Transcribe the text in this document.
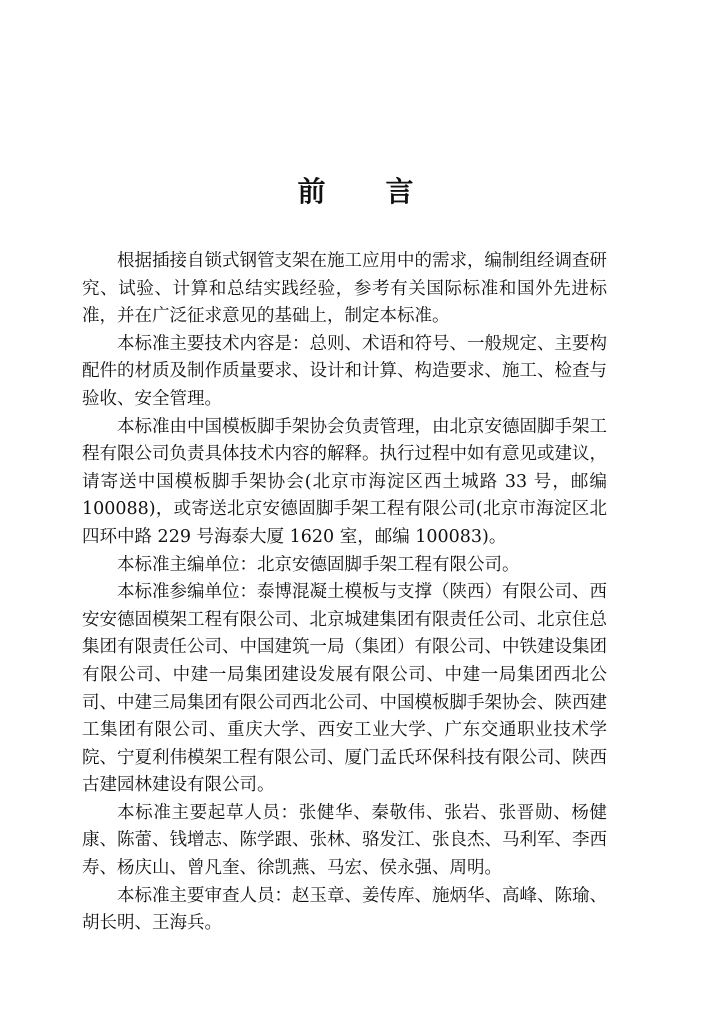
前 言

根据插接自锁式钢管支架在施工应用中的需求，编制组经调查研究、试验、计算和总结实践经验，参考有关国际标准和国外先进标准，并在广泛征求意见的基础上，制定本标准。

本标准主要技术内容是：总则、术语和符号、一般规定、主要构配件的材质及制作质量要求、设计和计算、构造要求、施工、检查与验收、安全管理。

本标准由中国模板脚手架协会负责管理，由北京安德固脚手架工程有限公司负责具体技术内容的解释。执行过程中如有意见或建议，请寄送中国模板脚手架协会(北京市海淀区西土城路 33 号，邮编 100088)，或寄送北京安德固脚手架工程有限公司(北京市海淀区北四环中路 229 号海泰大厦 1620 室，邮编 100083)。

本标准主编单位：北京安德固脚手架工程有限公司。

本标准参编单位：泰博混凝土模板与支撑（陕西）有限公司、西安安德固模架工程有限公司、北京城建集团有限责任公司、北京住总集团有限责任公司、中国建筑一局（集团）有限公司、中铁建设集团有限公司、中建一局集团建设发展有限公司、中建一局集团西北公司、中建三局集团有限公司西北公司、中国模板脚手架协会、陕西建工集团有限公司、重庆大学、西安工业大学、广东交通职业技术学院、宁夏利伟模架工程有限公司、厦门孟氏环保科技有限公司、陕西古建园林建设有限公司。

本标准主要起草人员：张健华、秦敬伟、张岩、张晋勋、杨健康、陈蕾、钱增志、陈学跟、张林、骆发江、张良杰、马利军、李西寿、杨庆山、曾凡奎、徐凯燕、马宏、侯永强、周明。

本标准主要审查人员：赵玉章、姜传库、施炳华、高峰、陈瑜、胡长明、王海兵。
